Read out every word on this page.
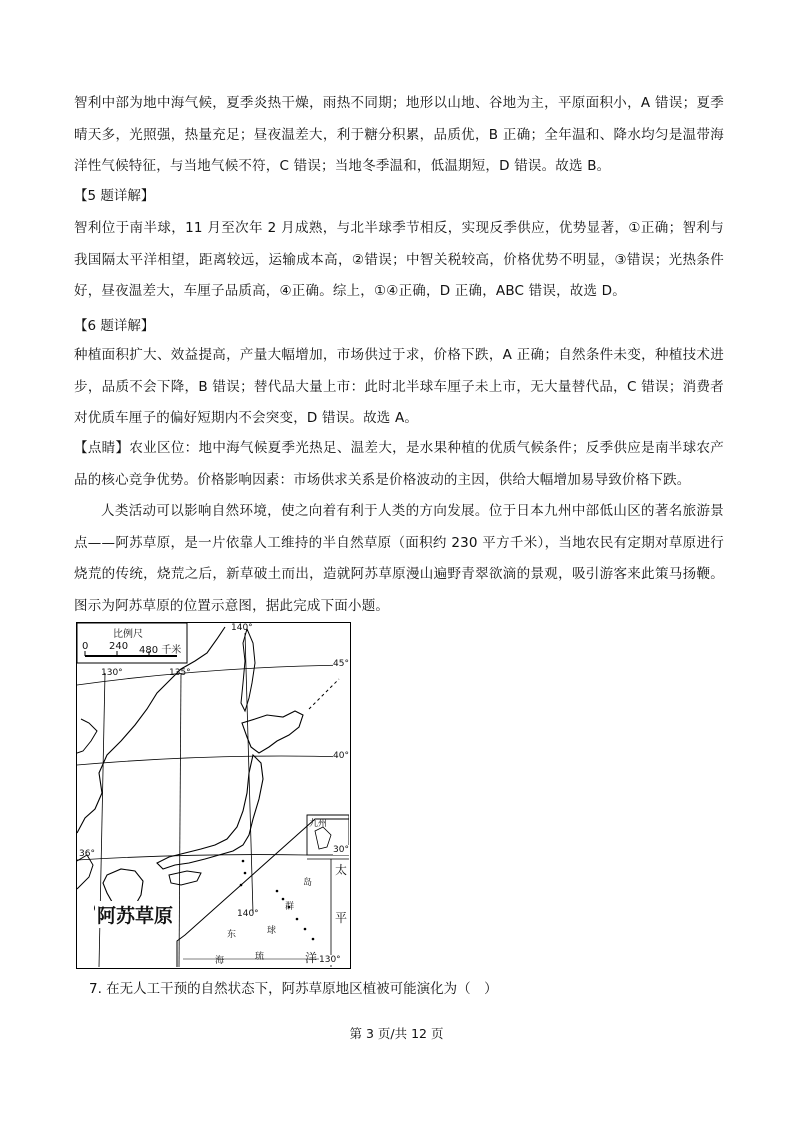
智利中部为地中海气候，夏季炎热干燥，雨热不同期；地形以山地、谷地为主，平原面积小，A 错误；夏季晴天多，光照强，热量充足；昼夜温差大，利于糖分积累，品质优，B 正确；全年温和、降水均匀是温带海洋性气候特征，与当地气候不符，C 错误；当地冬季温和，低温期短，D 错误。故选 B。
【5 题详解】
智利位于南半球，11 月至次年 2 月成熟，与北半球季节相反，实现反季供应，优势显著，①正确；智利与我国隔太平洋相望，距离较远，运输成本高，②错误；中智关税较高，价格优势不明显，③错误；光热条件好，昼夜温差大，车厘子品质高，④正确。综上，①④正确，D 正确，ABC 错误，故选 D。
【6 题详解】
种植面积扩大、效益提高，产量大幅增加，市场供过于求，价格下跌，A 正确；自然条件未变，种植技术进步，品质不会下降，B 错误；替代品大量上市：此时北半球车厘子未上市，无大量替代品，C 错误；消费者对优质车厘子的偏好短期内不会突变，D 错误。故选 A。
【点睛】农业区位：地中海气候夏季光热足、温差大，是水果种植的优质气候条件；反季供应是南半球农产品的核心竞争优势。价格影响因素：市场供求关系是价格波动的主因，供给大幅增加易导致价格下跌。
人类活动可以影响自然环境，使之向着有利于人类的方向发展。位于日本九州中部低山区的著名旅游景点——阿苏草原，是一片依靠人工维持的半自然草原（面积约 230 平方千米），当地农民有定期对草原进行烧荒的传统，烧荒之后，新草破土而出，造就阿苏草原漫山遍野青翠欲滴的景观，吸引游客来此策马扬鞭。图示为阿苏草原的位置示意图，据此完成下面小题。
比例尺
0 240 480 千米
130°	135°
140°
140°
130°
45°
40°
36°	30°
九州
太
平
洋
琉
球
群
岛
东
海
阿苏草原
7. 在无人工干预的自然状态下，阿苏草原地区植被可能演化为（　）
第 3 页/共 12 页
